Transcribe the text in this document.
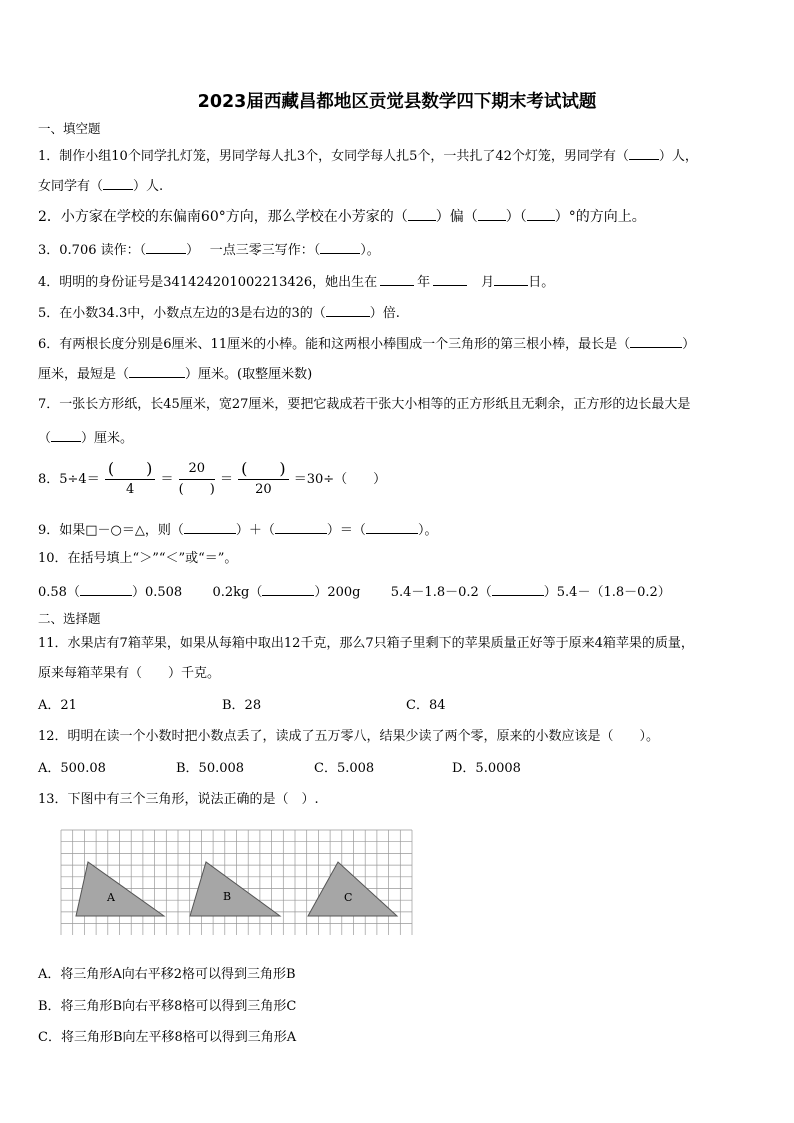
2023届西藏昌都地区贡觉县数学四下期末考试试题
一、填空题
1．制作小组10个同学扎灯笼，男同学每人扎3个，女同学每人扎5个，一共扎了42个灯笼，男同学有（ ）人，
女同学有（ ）人.
2．小方家在学校的东偏南60°方向，那么学校在小芳家的（ ）偏（ ）（ ）°的方向上。
3．0.706 读作：（	）　 一点三零三写作：（	）。
4．明明的身份证号是341424201002213426，她出生在	年	月	日。
5．在小数34.3中，小数点左边的3是右边的3的（	）倍.
6．有两根长度分别是6厘米、11厘米的小棒。能和这两根小棒围成一个三角形的第三根小棒，最长是（	）
厘米，最短是（	）厘米。(取整厘米数)
7．一张长方形纸，长45厘米，宽27厘米，要把它裁成若干张大小相等的正方形纸且无剩余，正方形的边长最大是
（ ）厘米。
8．$5\div 4= \frac{( )}{4} = \frac{20}{( )} = \frac{( )}{20} =30\div$（　　）
9．如果□－○＝△，则（	）＋（	）＝（	）。
10．在括号填上“＞”“＜”或“＝”。
0.58（	）0.508 0.2kg（	）200g 5.4－1.8－0.2（	）5.4－（1.8－0.2）
二、选择题
11．水果店有7箱苹果，如果从每箱中取出12千克，那么7只箱子里剩下的苹果质量正好等于原来4箱苹果的质量，
原来每箱苹果有（　　）千克。
A．21	B．28	C．84
12．明明在读一个小数时把小数点丢了，读成了五万零八，结果少读了两个零，原来的小数应该是（　　）。
A．500.08	B．50.008	C．5.008	D．5.0008
13．下图中有三个三角形，说法正确的是（　）.
A	B	C
A．将三角形A向右平移2格可以得到三角形B
B．将三角形B向右平移8格可以得到三角形C
C．将三角形B向左平移8格可以得到三角形A
